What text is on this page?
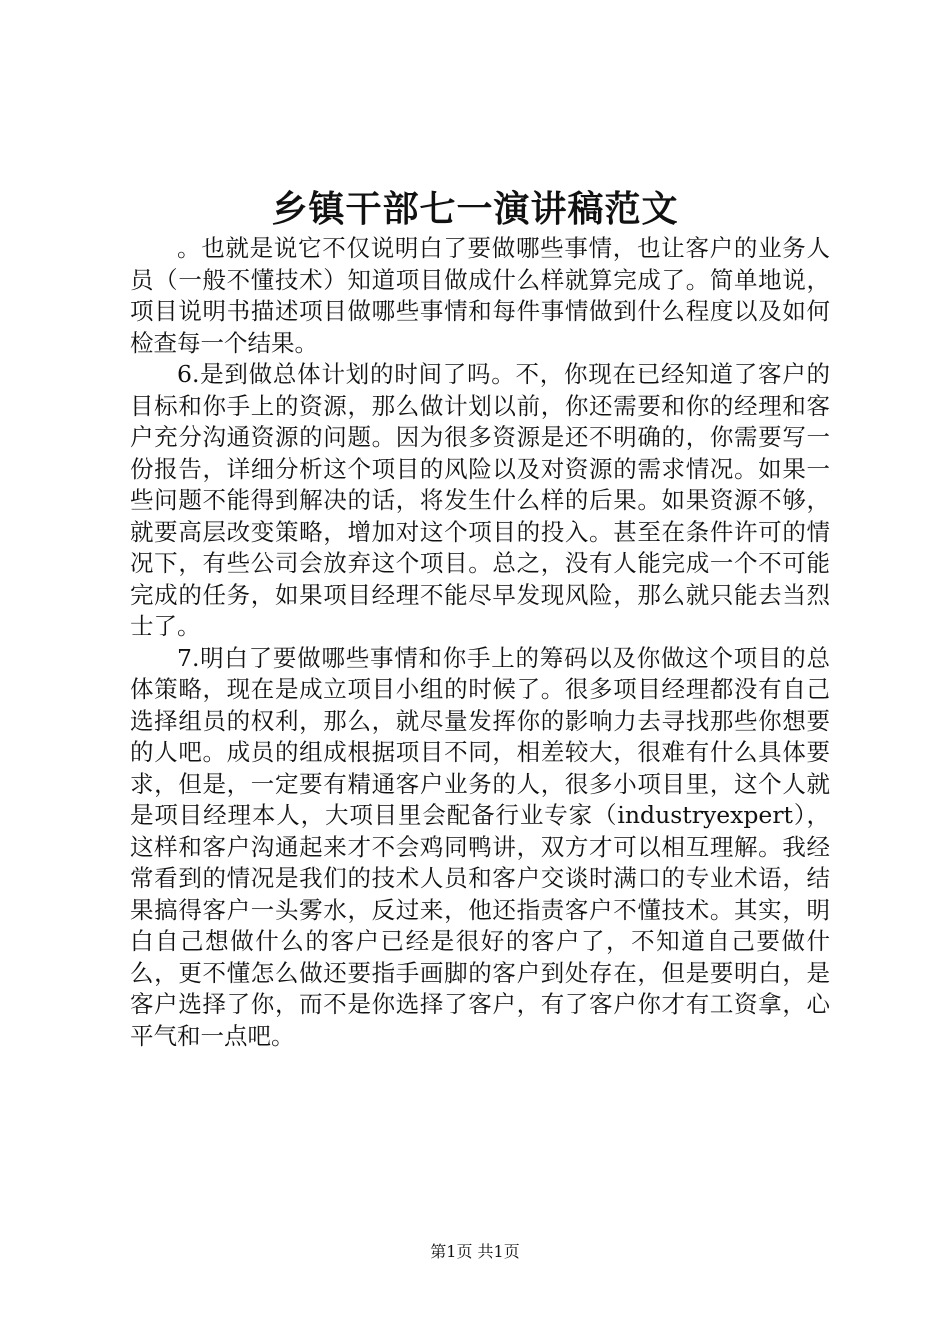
乡镇干部七一演讲稿范文

。也就是说它不仅说明白了要做哪些事情，也让客户的业务人员（一般不懂技术）知道项目做成什么样就算完成了。简单地说，项目说明书描述项目做哪些事情和每件事情做到什么程度以及如何检查每一个结果。

6.是到做总体计划的时间了吗。不，你现在已经知道了客户的目标和你手上的资源，那么做计划以前，你还需要和你的经理和客户充分沟通资源的问题。因为很多资源是还不明确的，你需要写一份报告，详细分析这个项目的风险以及对资源的需求情况。如果一些问题不能得到解决的话，将发生什么样的后果。如果资源不够，就要高层改变策略，增加对这个项目的投入。甚至在条件许可的情况下，有些公司会放弃这个项目。总之，没有人能完成一个不可能完成的任务，如果项目经理不能尽早发现风险，那么就只能去当烈士了。

7.明白了要做哪些事情和你手上的筹码以及你做这个项目的总体策略，现在是成立项目小组的时候了。很多项目经理都没有自己选择组员的权利，那么，就尽量发挥你的影响力去寻找那些你想要的人吧。成员的组成根据项目不同，相差较大，很难有什么具体要求，但是，一定要有精通客户业务的人，很多小项目里，这个人就是项目经理本人，大项目里会配备行业专家（industryexpert），这样和客户沟通起来才不会鸡同鸭讲，双方才可以相互理解。我经常看到的情况是我们的技术人员和客户交谈时满口的专业术语，结果搞得客户一头雾水，反过来，他还指责客户不懂技术。其实，明白自己想做什么的客户已经是很好的客户了，不知道自己要做什么，更不懂怎么做还要指手画脚的客户到处存在，但是要明白，是客户选择了你，而不是你选择了客户，有了客户你才有工资拿，心平气和一点吧。

第1页 共1页
